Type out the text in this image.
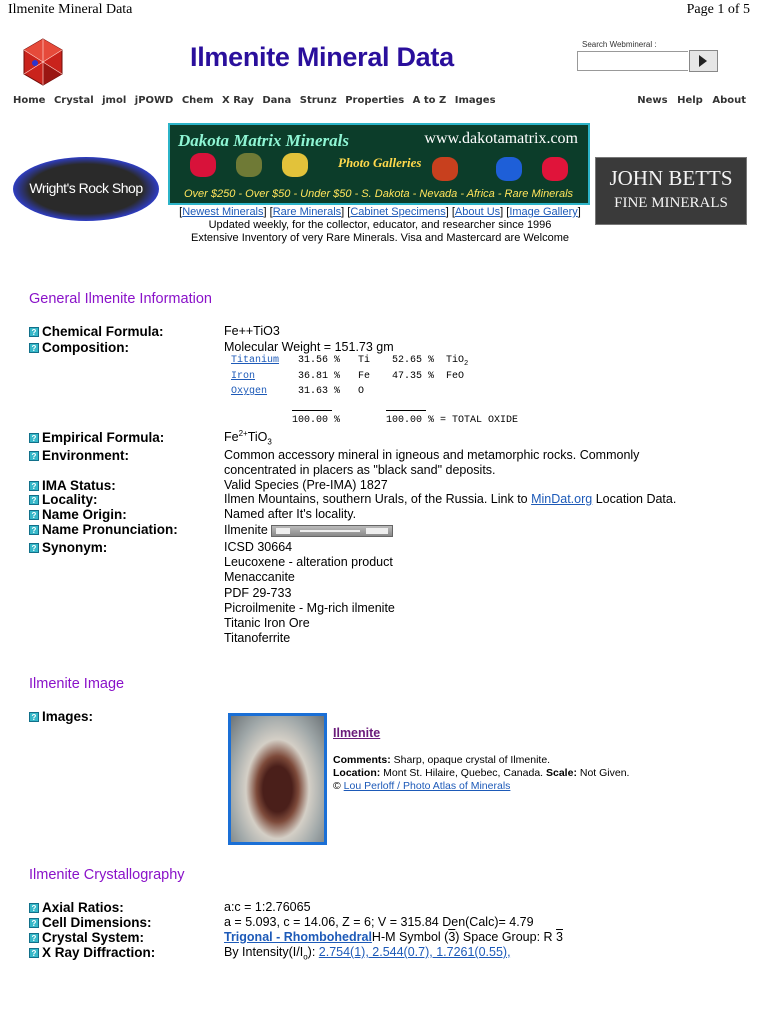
Ilmenite Mineral Data	Page 1 of 5
Ilmenite Mineral Data	Search Webmineral :
Home Crystal jmol jPOWD Chem X Ray Dana Strunz Properties A to Z Images	News Help About
Wright's Rock Shop
Dakota Matrix Minerals	www.dakotamatrix.com
Photo Galleries
Over $250 - Over $50 - Under $50 - S. Dakota - Nevada - Africa - Rare Minerals
JOHN BETTS
FINE MINERALS
[Newest Minerals] [Rare Minerals] [Cabinet Specimens] [About Us] [Image Gallery]
Updated weekly, for the collector, educator, and researcher since 1996
Extensive Inventory of very Rare Minerals. Visa and Mastercard are Welcome
General Ilmenite Information
? Chemical Formula:	Fe++TiO3
? Composition:	Molecular Weight = 151.73 gm
Titanium 31.56 % Ti 52.65 % TiO$_2$
Iron	36.81 % Fe 47.35 % FeO
Oxygen	31.63 % O
100.00 %	100.00 % = TOTAL OXIDE
? Empirical Formula:	$Fe^{2+}TiO_3$
? Environment:	Common accessory mineral in igneous and metamorphic rocks. Commonly
concentrated in placers as "black sand" deposits.
? IMA Status:	Valid Species (Pre-IMA) 1827
? Locality:	Ilmen Mountains, southern Urals, of the Russia. Link to MinDat.org Location Data.
? Name Origin:	Named after It's locality.
? Name Pronunciation:	Ilmenite
? Synonym:	ICSD 30664
Leucoxene - alteration product
Menaccanite
PDF 29-733
Picroilmenite - Mg-rich ilmenite
Titanic Iron Ore
Titanoferrite
Ilmenite Image
? Images:
Ilmenite
Comments: Sharp, opaque crystal of Ilmenite.
Location: Mont St. Hilaire, Quebec, Canada. Scale: Not Given.
© Lou Perloff / Photo Atlas of Minerals
Ilmenite Crystallography
? Axial Ratios:	a:c = 1:2.76065
? Cell Dimensions:	a = 5.093, c = 14.06, Z = 6; V = 315.84 Den(Calc)= 4.79
? Crystal System:	Trigonal - RhombohedralH-M Symbol (3) Space Group: R 3
? X Ray Diffraction:	By $Intensity(I/I_o)$: 2.754(1), 2.544(0.7), 1.7261(0.55),
